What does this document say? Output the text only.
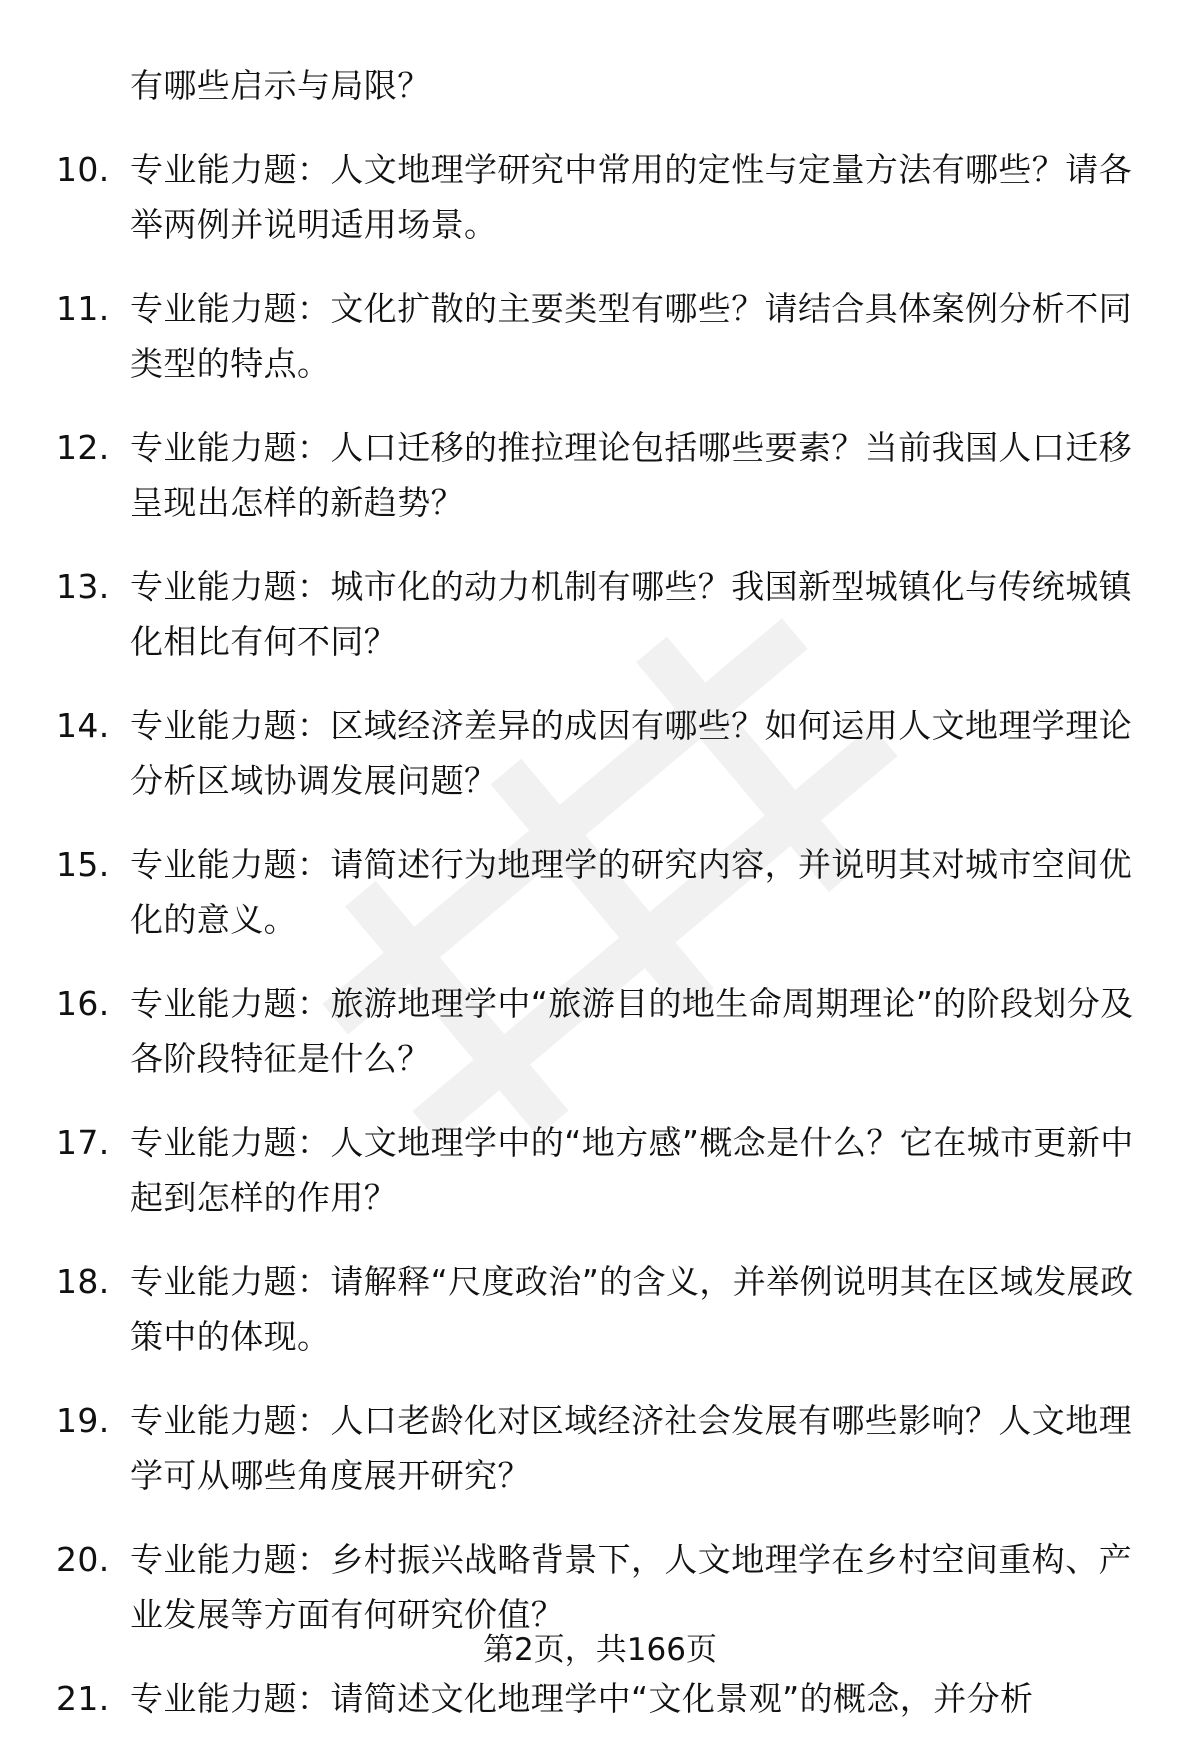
有哪些启示与局限？
10. 专业能力题：人文地理学研究中常用的定性与定量方法有哪些？请各举两例并说明适用场景。
11. 专业能力题：文化扩散的主要类型有哪些？请结合具体案例分析不同类型的特点。
12. 专业能力题：人口迁移的推拉理论包括哪些要素？当前我国人口迁移呈现出怎样的新趋势？
13. 专业能力题：城市化的动力机制有哪些？我国新型城镇化与传统城镇化相比有何不同？
14. 专业能力题：区域经济差异的成因有哪些？如何运用人文地理学理论分析区域协调发展问题？
15. 专业能力题：请简述行为地理学的研究内容，并说明其对城市空间优化的意义。
16. 专业能力题：旅游地理学中“旅游目的地生命周期理论”的阶段划分及各阶段特征是什么？
17. 专业能力题：人文地理学中的“地方感”概念是什么？它在城市更新中起到怎样的作用？
18. 专业能力题：请解释“尺度政治”的含义，并举例说明其在区域发展政策中的体现。
19. 专业能力题：人口老龄化对区域经济社会发展有哪些影响？人文地理学可从哪些角度展开研究？
20. 专业能力题：乡村振兴战略背景下，人文地理学在乡村空间重构、产业发展等方面有何研究价值？
21. 专业能力题：请简述文化地理学中“文化景观”的概念，并分析
第2页，共166页
